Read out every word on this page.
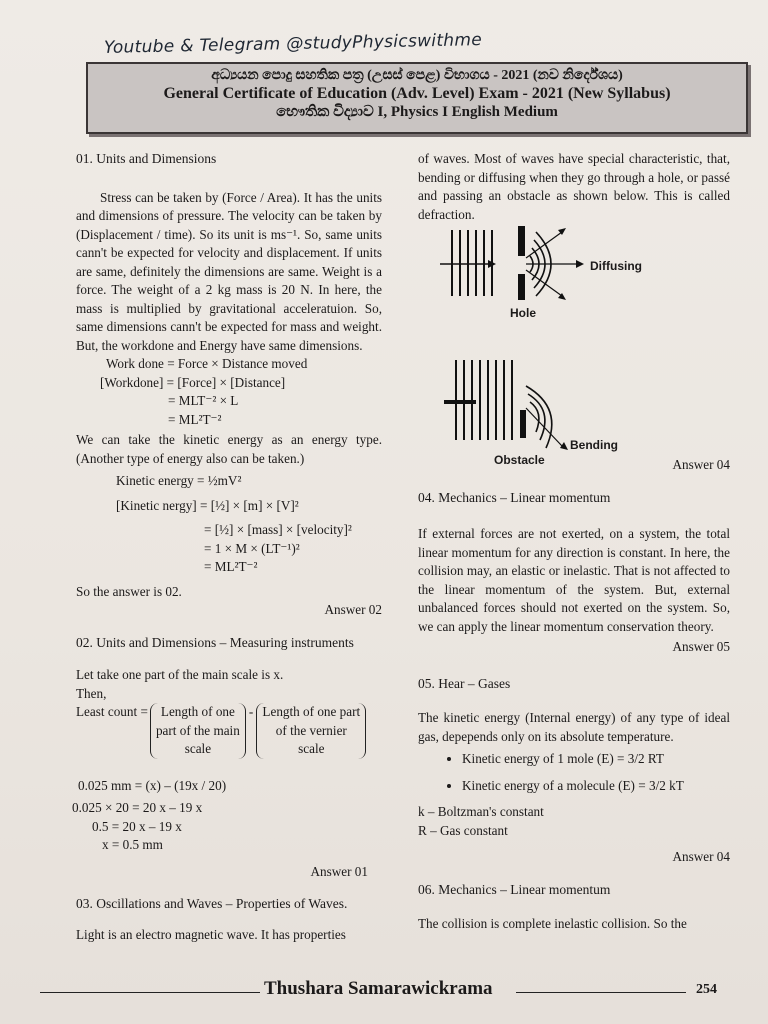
Youtube & Telegram @studyPhysicswithme
අධ්‍යයන පොදු සහතික පත්‍ර (උසස් පෙළ) විභාගය - 2021 (නව නිර්දේශය)
General Certificate of Education (Adv. Level) Exam - 2021 (New Syllabus)
භෞතික විද්‍යාව I, Physics I English Medium

01. Units and Dimensions

Stress can be taken by (Force / Area). It has the units and dimensions of pressure. The velocity can be taken by (Displacement / time). So its unit is ms⁻¹. So, same units cann't be expected for velocity and displacement. If units are same, definitely the dimensions are same. Weight is a force. The weight of a 2 kg mass is 20 N. In here, the mass is multiplied by gravitational acceleratuion. So, same dimensions cann't be expected for mass and weight. But, the workdone and Energy have same dimensions.

Work done = Force × Distance moved

[Workdone] = [Force] × [Distance]

= MLT⁻² × L

= ML²T⁻²

We can take the kinetic energy as an energy type. (Another type of energy also can be taken.)

Kinetic energy = ½mV²

[Kinetic nergy] = [½] × [m] × [V]²

= [½] × [mass] × [velocity]²

= 1 × M × (LT⁻¹)²

= ML²T⁻²

So the answer is 02.

Answer 02

02. Units and Dimensions – Measuring instruments

Let take one part of the main scale is x.

Then,

Least count = Length of one part of the main scale
- Length of one part of the vernier scale

0.025 mm = (x) – (19x / 20)

0.025 × 20 = 20 x – 19 x

0.5 = 20 x – 19 x

x = 0.5 mm

Answer 01

03. Oscillations and Waves – Properties of Waves.

Light is an electro magnetic wave. It has properties

of waves. Most of waves have special characteristic, that, bending or diffusing when they go through a hole, or passé and passing an obstacle as shown below. This is called defraction.

Diffusing
Hole
Bending
Obstacle	Answer 04

04. Mechanics – Linear momentum

If external forces are not exerted, on a system, the total linear momentum for any direction is constant. In here, the collision may, an elastic or inelastic. That is not affected to the linear momentum of the system. But, external unbalanced forces should not exerted on the system. So, we can apply the linear momentum conservation theory.

Answer 05

05. Hear – Gases

The kinetic energy (Internal energy) of any type of ideal gas, depepends only on its absolute temperature.

• Kinetic energy of 1 mole (E) = 3/2 RT
• Kinetic energy of a molecule (E) = 3/2 kT

k – Boltzman's constant

R – Gas constant

Answer 04

06. Mechanics – Linear momentum

The collision is complete inelastic collision. So the

Thushara Samarawickrama	254
